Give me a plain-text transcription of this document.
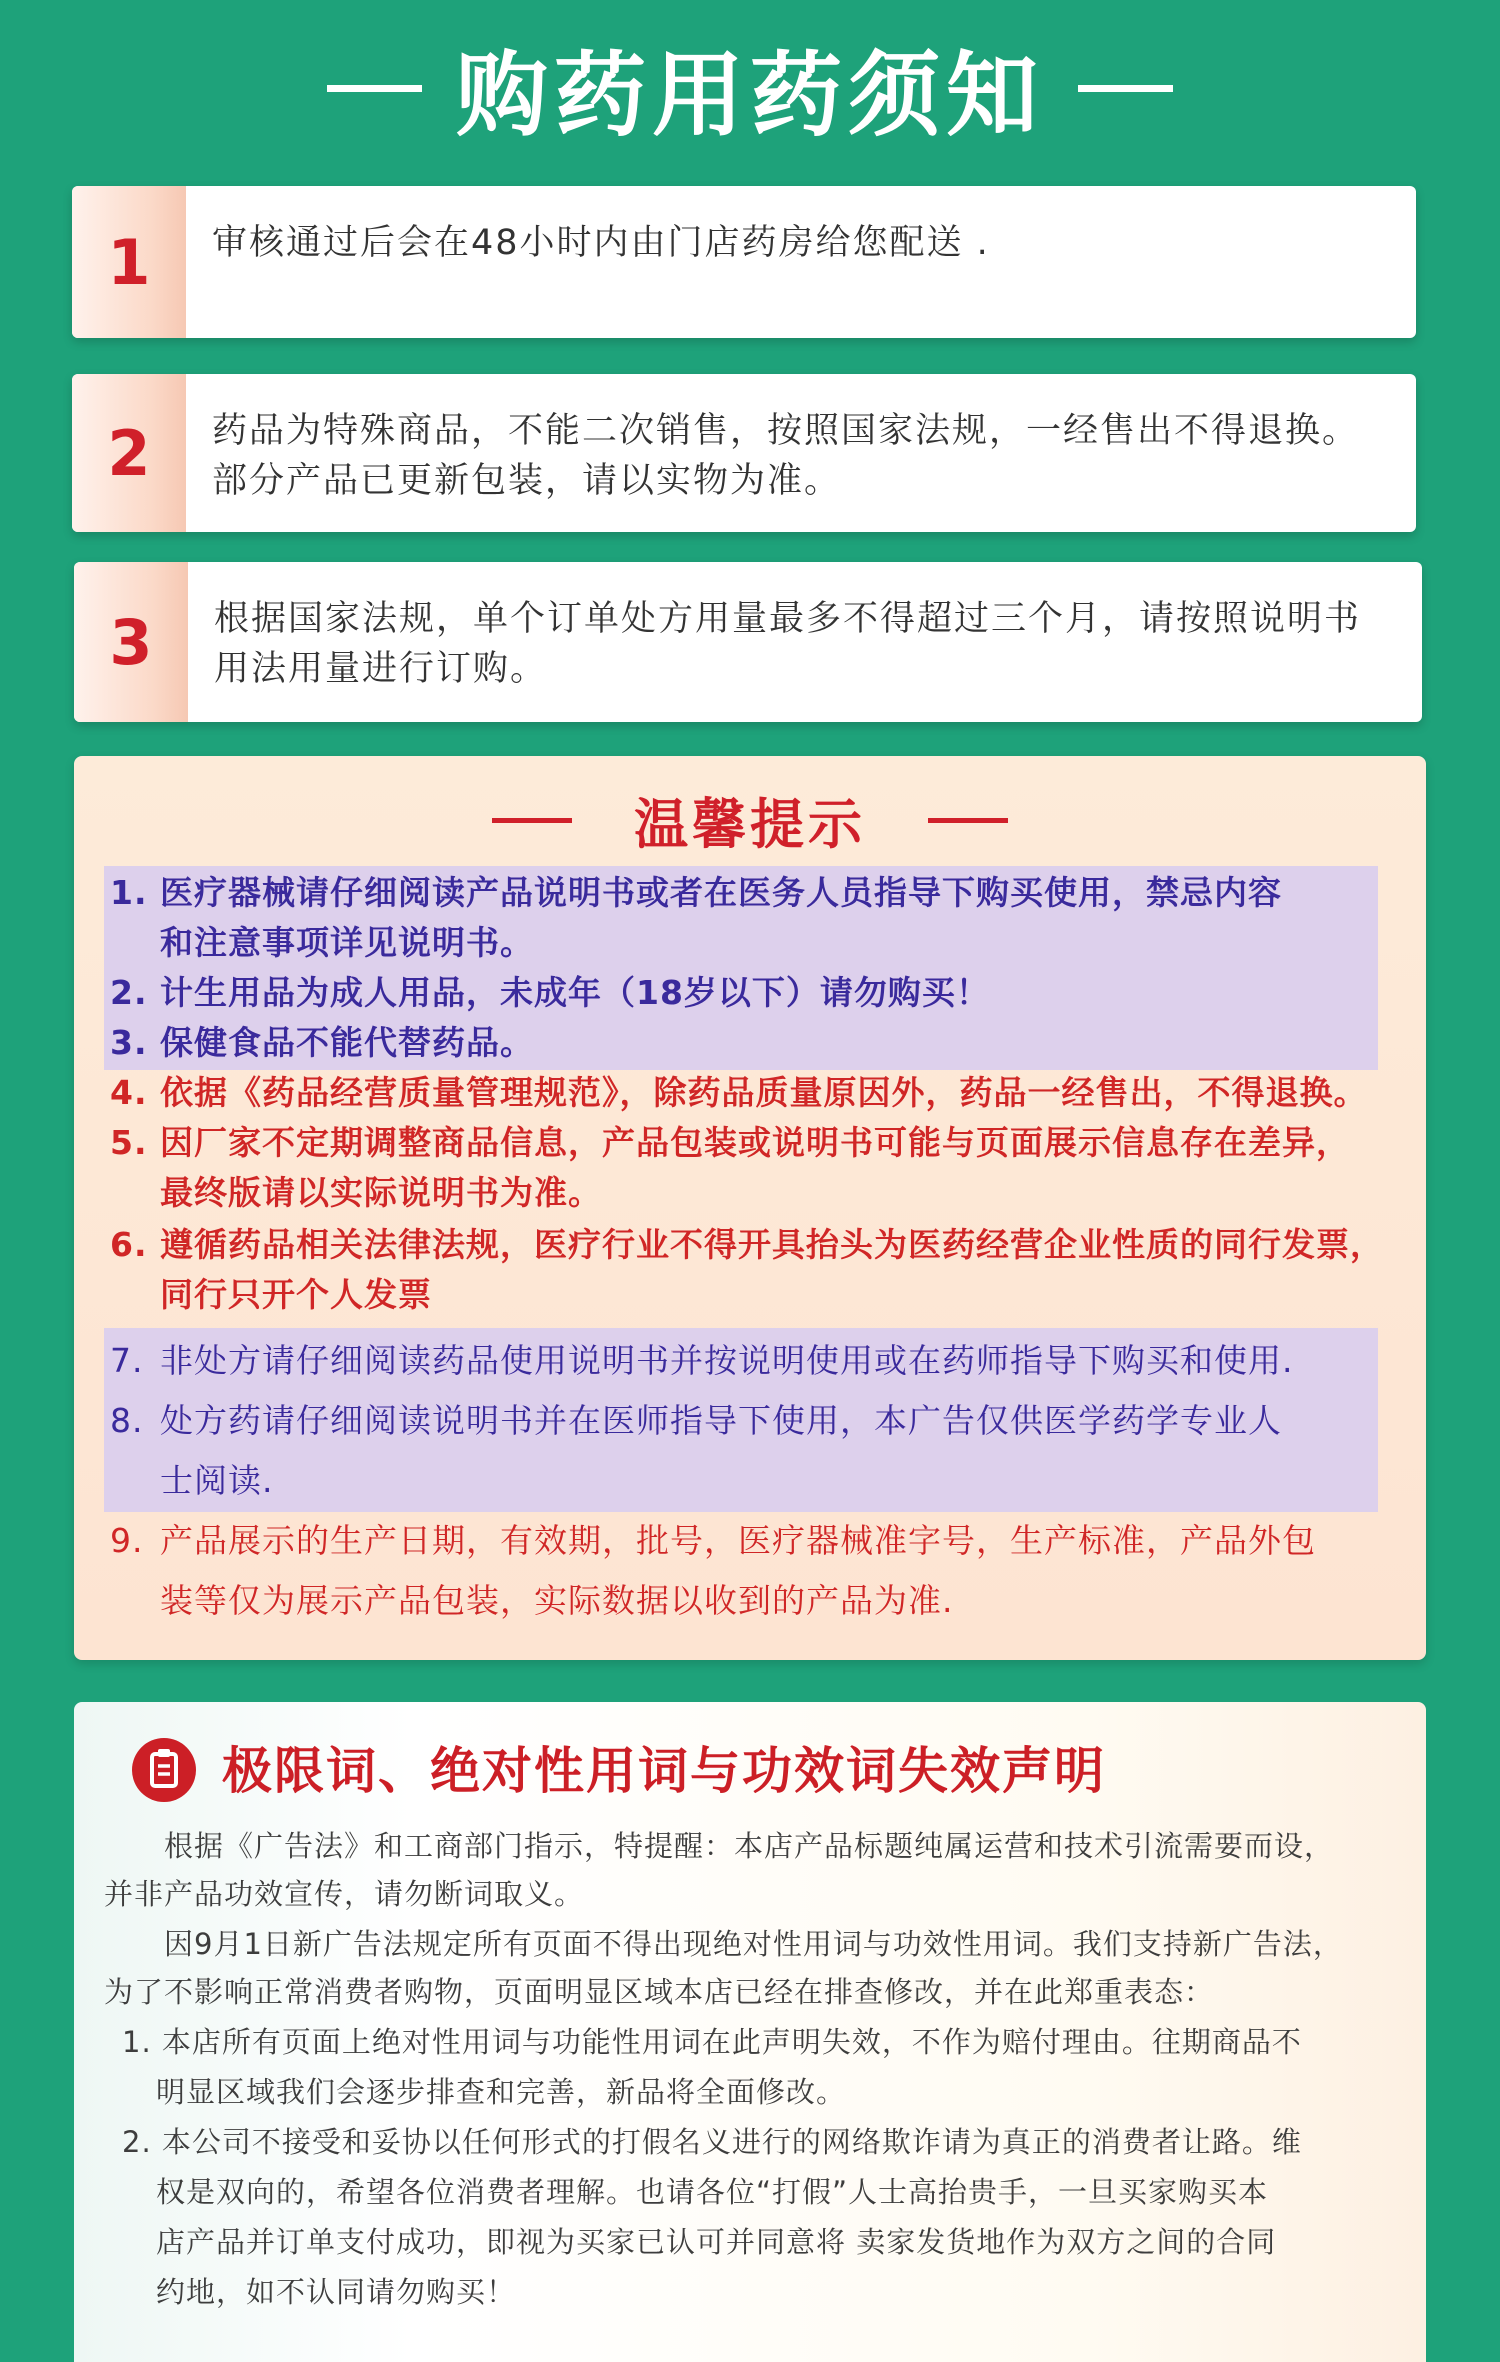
购药用药须知
1	审核通过后会在48小时内由门店药房给您配送 .
2	药品为特殊商品，不能二次销售，按照国家法规，一经售出不得退换。部分产品已更新包装，请以实物为准。
3	根据国家法规，单个订单处方用量最多不得超过三个月，请按照说明书用法用量进行订购。
温馨提示
1. 医疗器械请仔细阅读产品说明书或者在医务人员指导下购买使用，禁忌内容
和注意事项详见说明书。
2. 计生用品为成人用品，未成年（18岁以下）请勿购买！
3. 保健食品不能代替药品。
4. 依据《药品经营质量管理规范》，除药品质量原因外，药品一经售出，不得退换。
5. 因厂家不定期调整商品信息，产品包装或说明书可能与页面展示信息存在差异，
最终版请以实际说明书为准。
6. 遵循药品相关法律法规，医疗行业不得开具抬头为医药经营企业性质的同行发票，
同行只开个人发票
7. 非处方请仔细阅读药品使用说明书并按说明使用或在药师指导下购买和使用.
8. 处方药请仔细阅读说明书并在医师指导下使用，本广告仅供医学药学专业人
士阅读.
9. 产品展示的生产日期，有效期，批号，医疗器械准字号，生产标准，产品外包
装等仅为展示产品包装，实际数据以收到的产品为准.
极限词、绝对性用词与功效词失效声明
根据《广告法》和工商部门指示，特提醒：本店产品标题纯属运营和技术引流需要而设，
并非产品功效宣传，请勿断词取义。
因9月1日新广告法规定所有页面不得出现绝对性用词与功效性用词。我们支持新广告法，
为了不影响正常消费者购物，页面明显区域本店已经在排查修改，并在此郑重表态：
1. 本店所有页面上绝对性用词与功能性用词在此声明失效，不作为赔付理由。往期商品不
明显区域我们会逐步排查和完善，新品将全面修改。
2. 本公司不接受和妥协以任何形式的打假名义进行的网络欺诈请为真正的消费者让路。维
权是双向的，希望各位消费者理解。也请各位“打假”人士高抬贵手，一旦买家购买本
店产品并订单支付成功，即视为买家已认可并同意将 卖家发货地作为双方之间的合同
约地，如不认同请勿购买！
